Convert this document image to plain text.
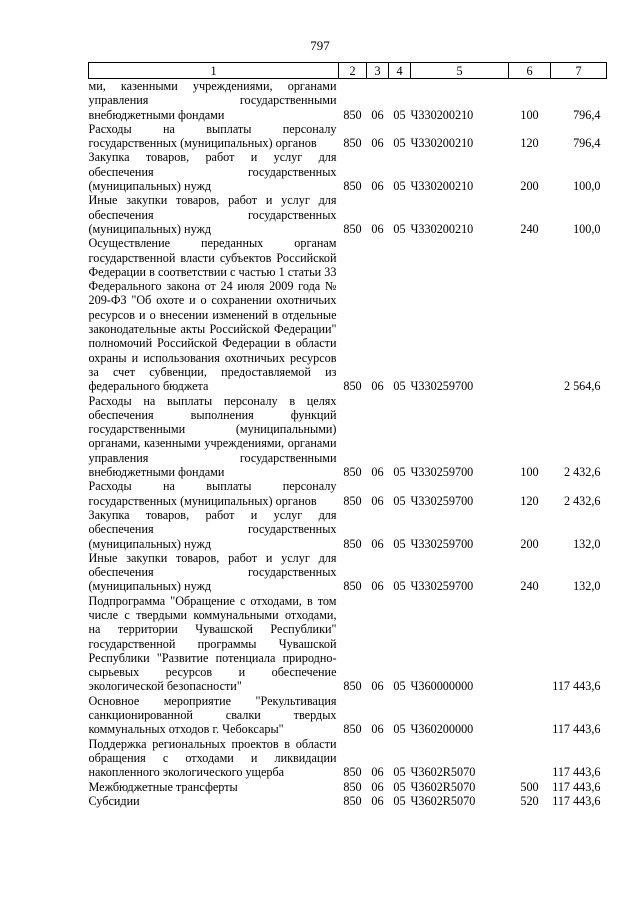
797
1	2	3	4	5	6	7
ми, казенными учреждениями, органами управления государственными внебюджетными фондами	850	06	05	Ч330200210	100	796,4
Расходы на выплаты персоналу государственных (муниципальных) органов	850	06	05	Ч330200210	120	796,4
Закупка товаров, работ и услуг для обеспечения государственных (муниципальных) нужд	850	06	05	Ч330200210	200	100,0
Иные закупки товаров, работ и услуг для обеспечения государственных (муниципальных) нужд	850	06	05	Ч330200210	240	100,0
Осуществление переданных органам государственной власти субъектов Российской Федерации в соответствии с частью 1 статьи 33 Федерального закона от 24 июля 2009 года № 209-ФЗ "Об охоте и о сохранении охотничьих ресурсов и о внесении изменений в отдельные законодательные акты Российской Федерации" полномочий Российской Федерации в области охраны и использования охотничьих ресурсов за счет субвенции, предоставляемой из федерального бюджета	850	06	05	Ч330259700		2 564,6
Расходы на выплаты персоналу в целях обеспечения выполнения функций государственными (муниципальными) органами, казенными учреждениями, органами управления государственными внебюджетными фондами	850	06	05	Ч330259700	100	2 432,6
Расходы на выплаты персоналу государственных (муниципальных) органов	850	06	05	Ч330259700	120	2 432,6
Закупка товаров, работ и услуг для обеспечения государственных (муниципальных) нужд	850	06	05	Ч330259700	200	132,0
Иные закупки товаров, работ и услуг для обеспечения государственных (муниципальных) нужд	850	06	05	Ч330259700	240	132,0
Подпрограмма "Обращение с отходами, в том числе с твердыми коммунальными отходами, на территории Чувашской Республики" государственной программы Чувашской Республики "Развитие потенциала природно-сырьевых ресурсов и обеспечение экологической безопасности"	850	06	05	Ч360000000		117 443,6
Основное мероприятие "Рекультивация санкционированной свалки твердых коммунальных отходов г. Чебоксары"	850	06	05	Ч360200000		117 443,6
Поддержка региональных проектов в области обращения с отходами и ликвидации накопленного экологического ущерба	850	06	05	Ч3602R5070		117 443,6
Межбюджетные трансферты	850	06	05	Ч3602R5070	500	117 443,6
Субсидии	850	06	05	Ч3602R5070	520	117 443,6
